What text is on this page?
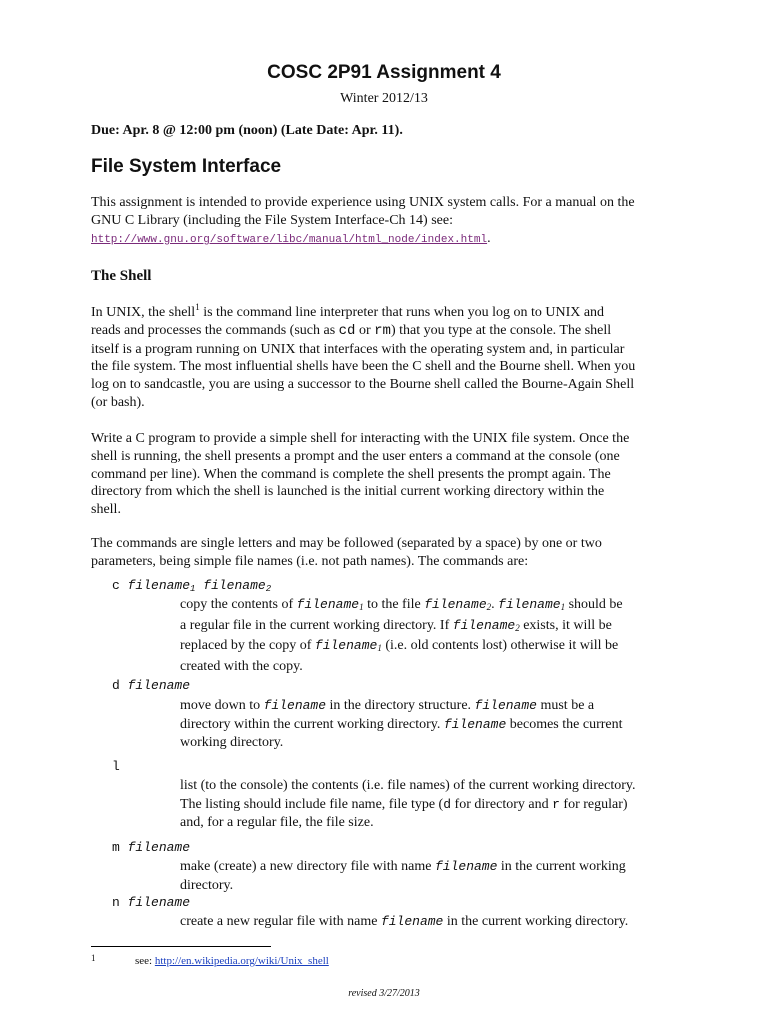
COSC 2P91 Assignment 4
Winter 2012/13
Due: Apr. 8 @ 12:00 pm (noon) (Late Date: Apr. 11).
File System Interface
This assignment is intended to provide experience using UNIX system calls. For a manual on the
GNU C Library (including the File System Interface-Ch 14) see:
http://www.gnu.org/software/libc/manual/html_node/index.html.
The Shell
In UNIX, the shell$^1$ is the command line interpreter that runs when you log on to UNIX and
reads and processes the commands (such as cd or rm) that you type at the console. The shell
itself is a program running on UNIX that interfaces with the operating system and, in particular
the file system. The most influential shells have been the C shell and the Bourne shell. When you
log on to sandcastle, you are using a successor to the Bourne shell called the Bourne-Again Shell
(or bash).
Write a C program to provide a simple shell for interacting with the UNIX file system. Once the
shell is running, the shell presents a prompt and the user enters a command at the console (one
command per line). When the command is complete the shell presents the prompt again. The
directory from which the shell is launched is the initial current working directory within the
shell.
The commands are single letters and may be followed (separated by a space) by one or two
parameters, being simple file names (i.e. not path names). The commands are:
c filename$_1$ filename$_2$
copy the contents of filename$_1$ to the file filename$_2$. filename$_1$ should be
a regular file in the current working directory. If filename$_2$ exists, it will be
replaced by the copy of filename$_1$ (i.e. old contents lost) otherwise it will be
created with the copy.
d filename
move down to filename in the directory structure. filename must be a
directory within the current working directory. filename becomes the current
working directory.
l
list (to the console) the contents (i.e. file names) of the current working directory.
The listing should include file name, file type (d for directory and r for regular)
and, for a regular file, the file size.
m filename
make (create) a new directory file with name filename in the current working
directory.
n filename
create a new regular file with name filename in the current working directory.
1	see: http://en.wikipedia.org/wiki/Unix_shell
revised 3/27/2013
